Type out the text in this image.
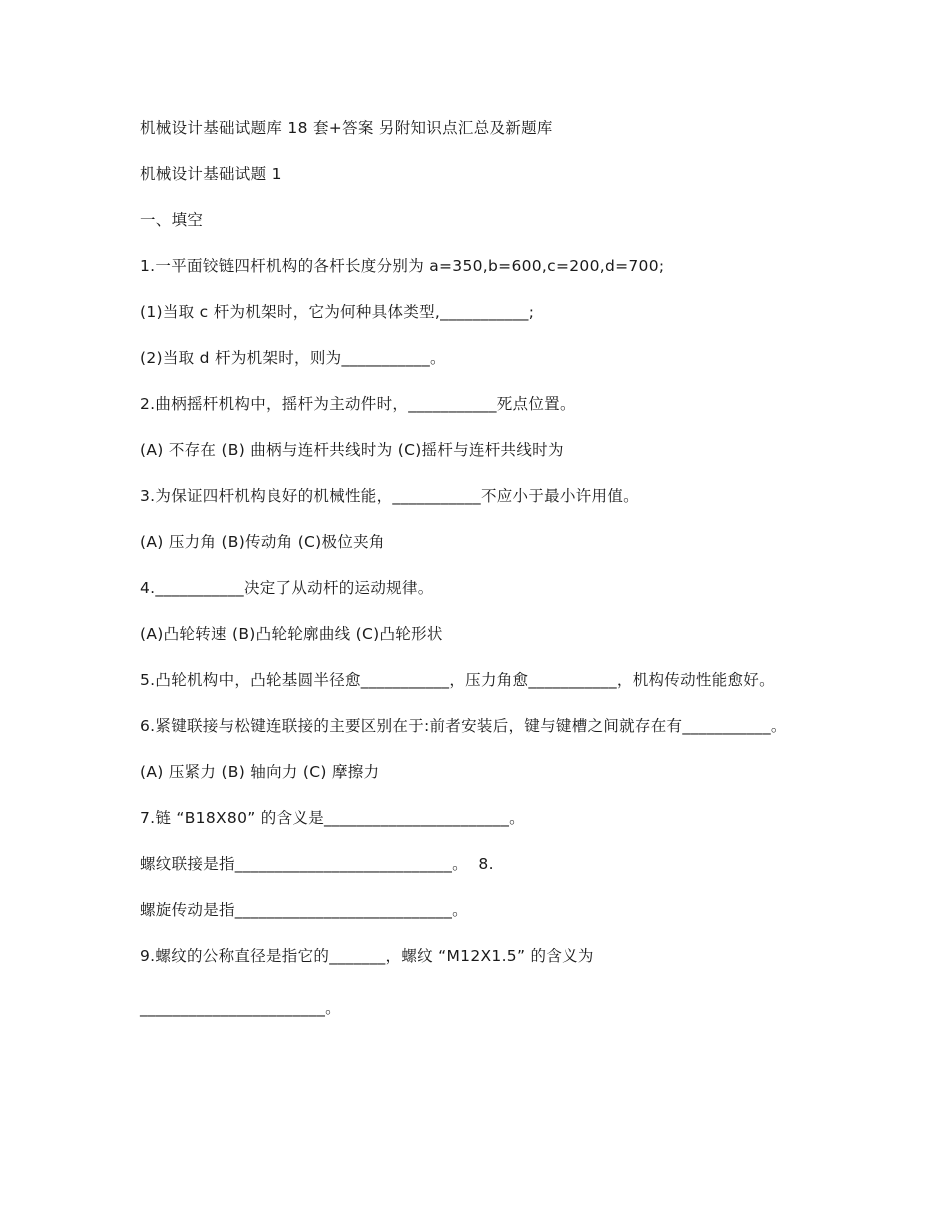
机械设计基础试题库 18 套+答案 另附知识点汇总及新题库

机械设计基础试题 1

一、填空

1.一平面铰链四杆机构的各杆长度分别为 a=350,b=600,c=200,d=700;

(1)当取 c 杆为机架时，它为何种具体类型,___________;

(2)当取 d 杆为机架时，则为___________。

2.曲柄摇杆机构中，摇杆为主动件时，___________死点位置。

(A) 不存在 (B) 曲柄与连杆共线时为 (C)摇杆与连杆共线时为

3.为保证四杆机构良好的机械性能，___________不应小于最小许用值。

(A) 压力角 (B)传动角 (C)极位夹角

4.___________决定了从动杆的运动规律。

(A)凸轮转速 (B)凸轮轮廓曲线 (C)凸轮形状

5.凸轮机构中，凸轮基圆半径愈___________，压力角愈___________，机构传动性能愈好。

6.紧键联接与松键连联接的主要区别在于:前者安装后，键与键槽之间就存在有___________。

(A) 压紧力 (B) 轴向力 (C) 摩擦力

7.链 “B18X80” 的含义是_______________________。

螺纹联接是指___________________________。  8.

螺旋传动是指___________________________。

9.螺纹的公称直径是指它的_______，螺纹 “M12X1.5” 的含义为

_______________________。
